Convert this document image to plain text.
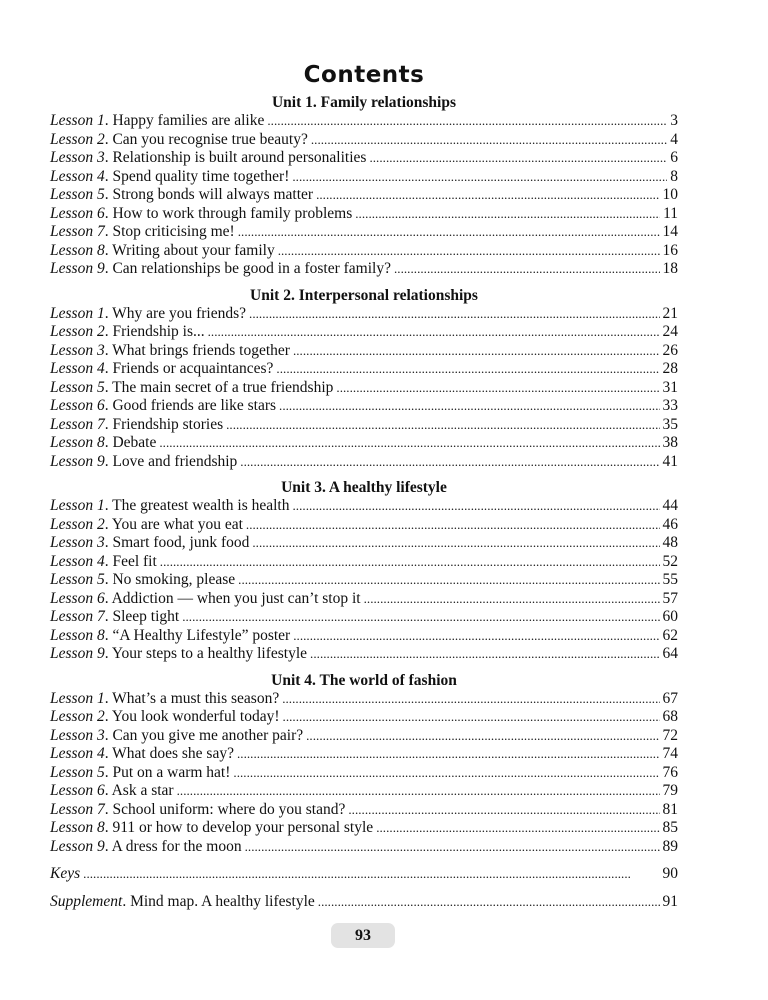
Contents
Unit 1. Family relationships
Lesson 1. Happy families are alike . . .	3
Lesson 2. Can you recognise true beauty? . . .	4
Lesson 3. Relationship is built around personalities . . .	6
Lesson 4. Spend quality time together! . . .	8
Lesson 5. Strong bonds will always matter . . .	10
Lesson 6. How to work through family problems . . .	11
Lesson 7. Stop criticising me! . . .	14
Lesson 8. Writing about your family . . .	16
Lesson 9. Can relationships be good in a foster family? . . .	18
Unit 2. Interpersonal relationships
Lesson 1. Why are you friends? . . .	21
Lesson 2. Friendship is... . . .	24
Lesson 3. What brings friends together . . .	26
Lesson 4. Friends or acquaintances? . . .	28
Lesson 5. The main secret of a true friendship . . .	31
Lesson 6. Good friends are like stars . . .	33
Lesson 7. Friendship stories . . .	35
Lesson 8. Debate . . .	38
Lesson 9. Love and friendship . . .	41
Unit 3. A healthy lifestyle
Lesson 1. The greatest wealth is health . . .	44
Lesson 2. You are what you eat . . .	46
Lesson 3. Smart food, junk food . . .	48
Lesson 4. Feel fit . . .	52
Lesson 5. No smoking, please . . .	55
Lesson 6. Addiction — when you just can’t stop it . . .	57
Lesson 7. Sleep tight . . .	60
Lesson 8. “A Healthy Lifestyle” poster . . .	62
Lesson 9. Your steps to a healthy lifestyle . . .	64
Unit 4. The world of fashion
Lesson 1. What’s a must this season? . . .	67
Lesson 2. You look wonderful today! . . .	68
Lesson 3. Can you give me another pair? . . .	72
Lesson 4. What does she say? . . .	74
Lesson 5. Put on a warm hat! . . .	76
Lesson 6. Ask a star . . .	79
Lesson 7. School uniform: where do you stand? . . .	81
Lesson 8. 911 or how to develop your personal style . . .	85
Lesson 9. A dress for the moon . . .	89
Keys . . .	90
Supplement. Mind map. A healthy lifestyle . . .	91
93
